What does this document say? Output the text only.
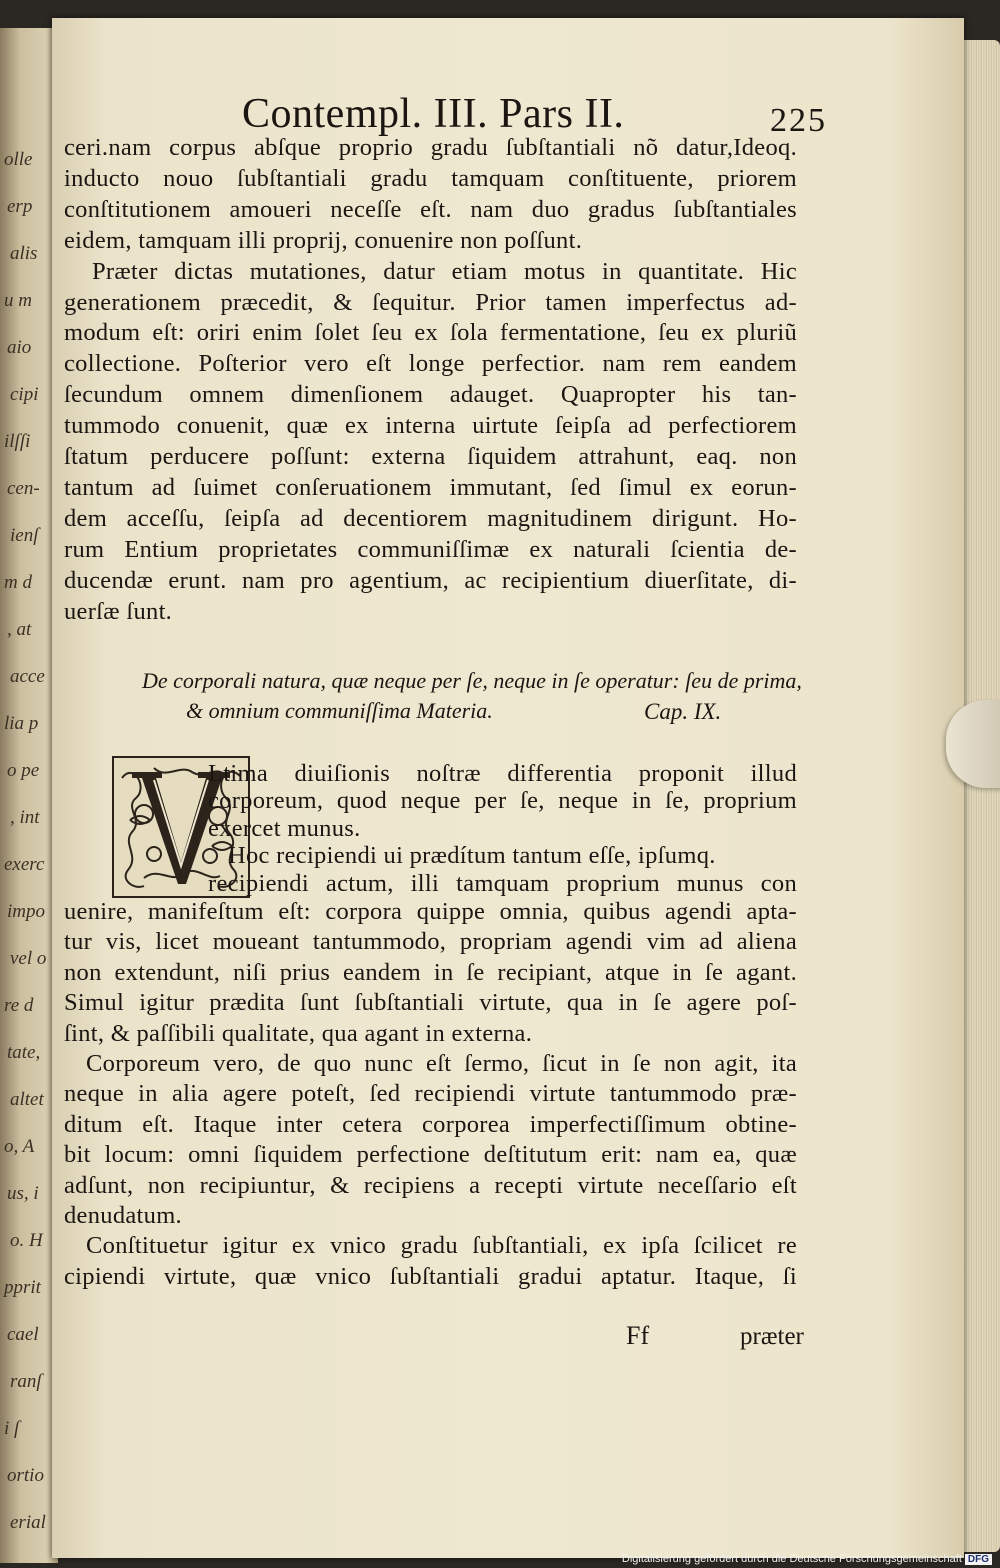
olle
erp
alis
u m
aio
cipi
ilſſi
cen-
ienſ
m d
, at
acce
lia p
o pe
, int
exerc
impo
vel o
re d
tate,
altet
o, A
us, i
o. H
pprit
cael
ranſ
i ſ
ortio
erial
Contempl. III. Pars II.	225
ceri.nam corpus abſque proprio gradu ſubſtantiali nõ datur,Ideoq.
inducto nouo ſubſtantiali gradu tamquam conſtituente, priorem
conſtitutionem amoueri neceſſe eſt. nam duo gradus ſubſtantiales
eidem, tamquam illi proprij, conuenire non poſſunt.
Præter dictas mutationes, datur etiam motus in quantitate. Hic
generationem præcedit, & ſequitur. Prior tamen imperfectus ad-
modum eſt: oriri enim ſolet ſeu ex ſola fermentatione, ſeu ex pluriũ
collectione. Poſterior vero eſt longe perfectior. nam rem eandem
ſecundum omnem dimenſionem adauget. Quapropter his tan-
tummodo conuenit, quæ ex interna uirtute ſeipſa ad perfectiorem
ſtatum perducere poſſunt: externa ſiquidem attrahunt, eaq. non
tantum ad ſuimet conſeruationem immutant, ſed ſimul ex eorun-
dem acceſſu, ſeipſa ad decentiorem magnitudinem dirigunt. Ho-
rum Entium proprietates communiſſimæ ex naturali ſcientia de-
ducendæ erunt. nam pro agentium, ac recipientium diuerſitate, di-
uerſæ ſunt.
De corporali natura, quæ neque per ſe, neque in ſe operatur: ſeu de prima,
& omnium communiſſima Materia.	Cap. IX.
Ltima diuiſionis noſtræ differentia proponit illud
corporeum, quod neque per ſe, neque in ſe, proprium
exercet munus.
Hoc recipiendi ui prædítum tantum eſſe, ipſumq.
recipiendi actum, illi tamquam proprium munus con
uenire, manifeſtum eſt: corpora quippe omnia, quibus agendi apta-
tur vis, licet moueant tantummodo, propriam agendi vim ad aliena
non extendunt, niſi prius eandem in ſe recipiant, atque in ſe agant.
Simul igitur prædita ſunt ſubſtantiali virtute, qua in ſe agere poſ-
ſint, & paſſibili qualitate, qua agant in externa.
Corporeum vero, de quo nunc eſt ſermo, ſicut in ſe non agit, ita
neque in alia agere poteſt, ſed recipiendi virtute tantummodo præ-
ditum eſt. Itaque inter cetera corporea imperfectiſſimum obtine-
bit locum: omni ſiquidem perfectione deſtitutum erit: nam ea, quæ
adſunt, non recipiuntur, & recipiens a recepti virtute neceſſario eſt
denudatum.
Conſtituetur igitur ex vnico gradu ſubſtantiali, ex ipſa ſcilicet re
cipiendi virtute, quæ vnico ſubſtantiali gradui aptatur. Itaque, ſi
Ff	præter
Digitalisierung gefördert durch die Deutsche Forschungsgemeinschaft DFG
